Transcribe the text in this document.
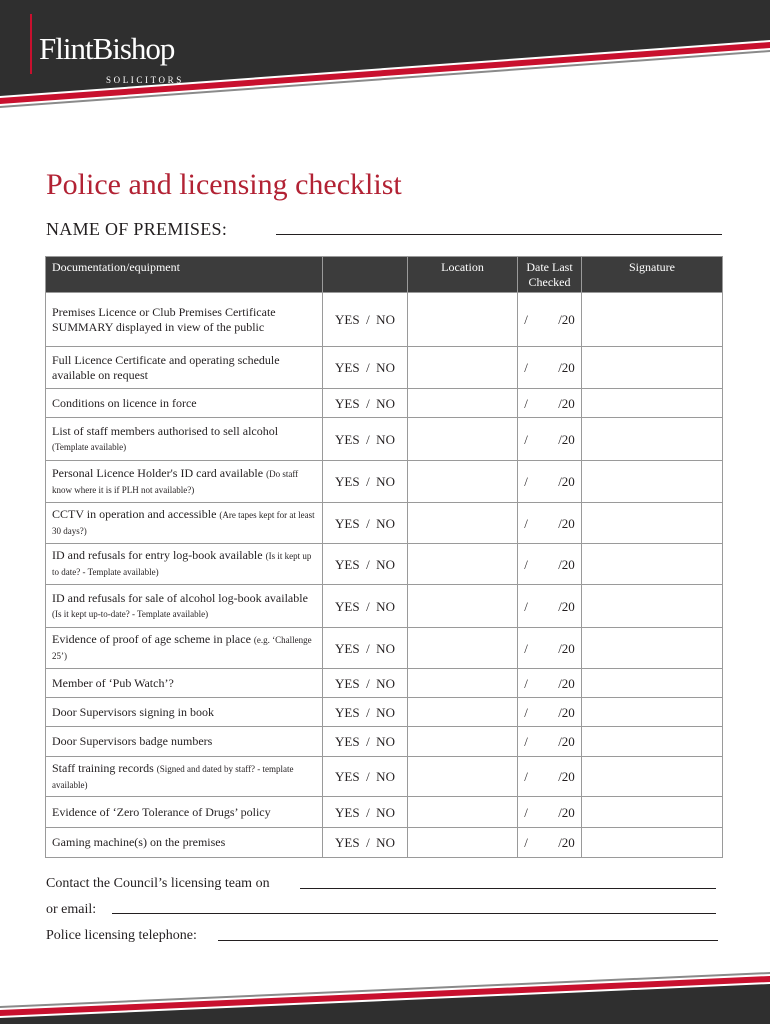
FlintBishop
SOLICITORS
Police and licensing checklist
NAME OF PREMISES:
Documentation/equipment		Location	Date Last Checked	Signature
Premises Licence or Club Premises Certificate SUMMARY displayed in view of the public	YES  /  NO		/ /20	
Full Licence Certificate and operating schedule available on request	YES  /  NO		/ /20	
Conditions on licence in force	YES  /  NO		/ /20	
List of staff members authorised to sell alcohol (Template available)	YES  /  NO		/ /20	
Personal Licence Holder's ID card available (Do staff know where it is if PLH not available?)	YES  /  NO		/ /20	
CCTV in operation and accessible (Are tapes kept for at least 30 days?)	YES  /  NO		/ /20	
ID and refusals for entry log-book available (Is it kept up to date? - Template available)	YES  /  NO		/ /20	
ID and refusals for sale of alcohol log-book available (Is it kept up-to-date? - Template available)	YES  /  NO		/ /20	
Evidence of proof of age scheme in place (e.g. ‘Challenge 25’)	YES  /  NO		/ /20	
Member of ‘Pub Watch’?	YES  /  NO		/ /20	
Door Supervisors signing in book	YES  /  NO		/ /20	
Door Supervisors badge numbers	YES  /  NO		/ /20	
Staff training records (Signed and dated by staff? - template available)	YES  /  NO		/ /20	
Evidence of ‘Zero Tolerance of Drugs’ policy	YES  /  NO		/ /20	
Gaming machine(s) on the premises	YES  /  NO		/ /20	
Contact the Council’s licensing team on
or email:
Police licensing telephone:
